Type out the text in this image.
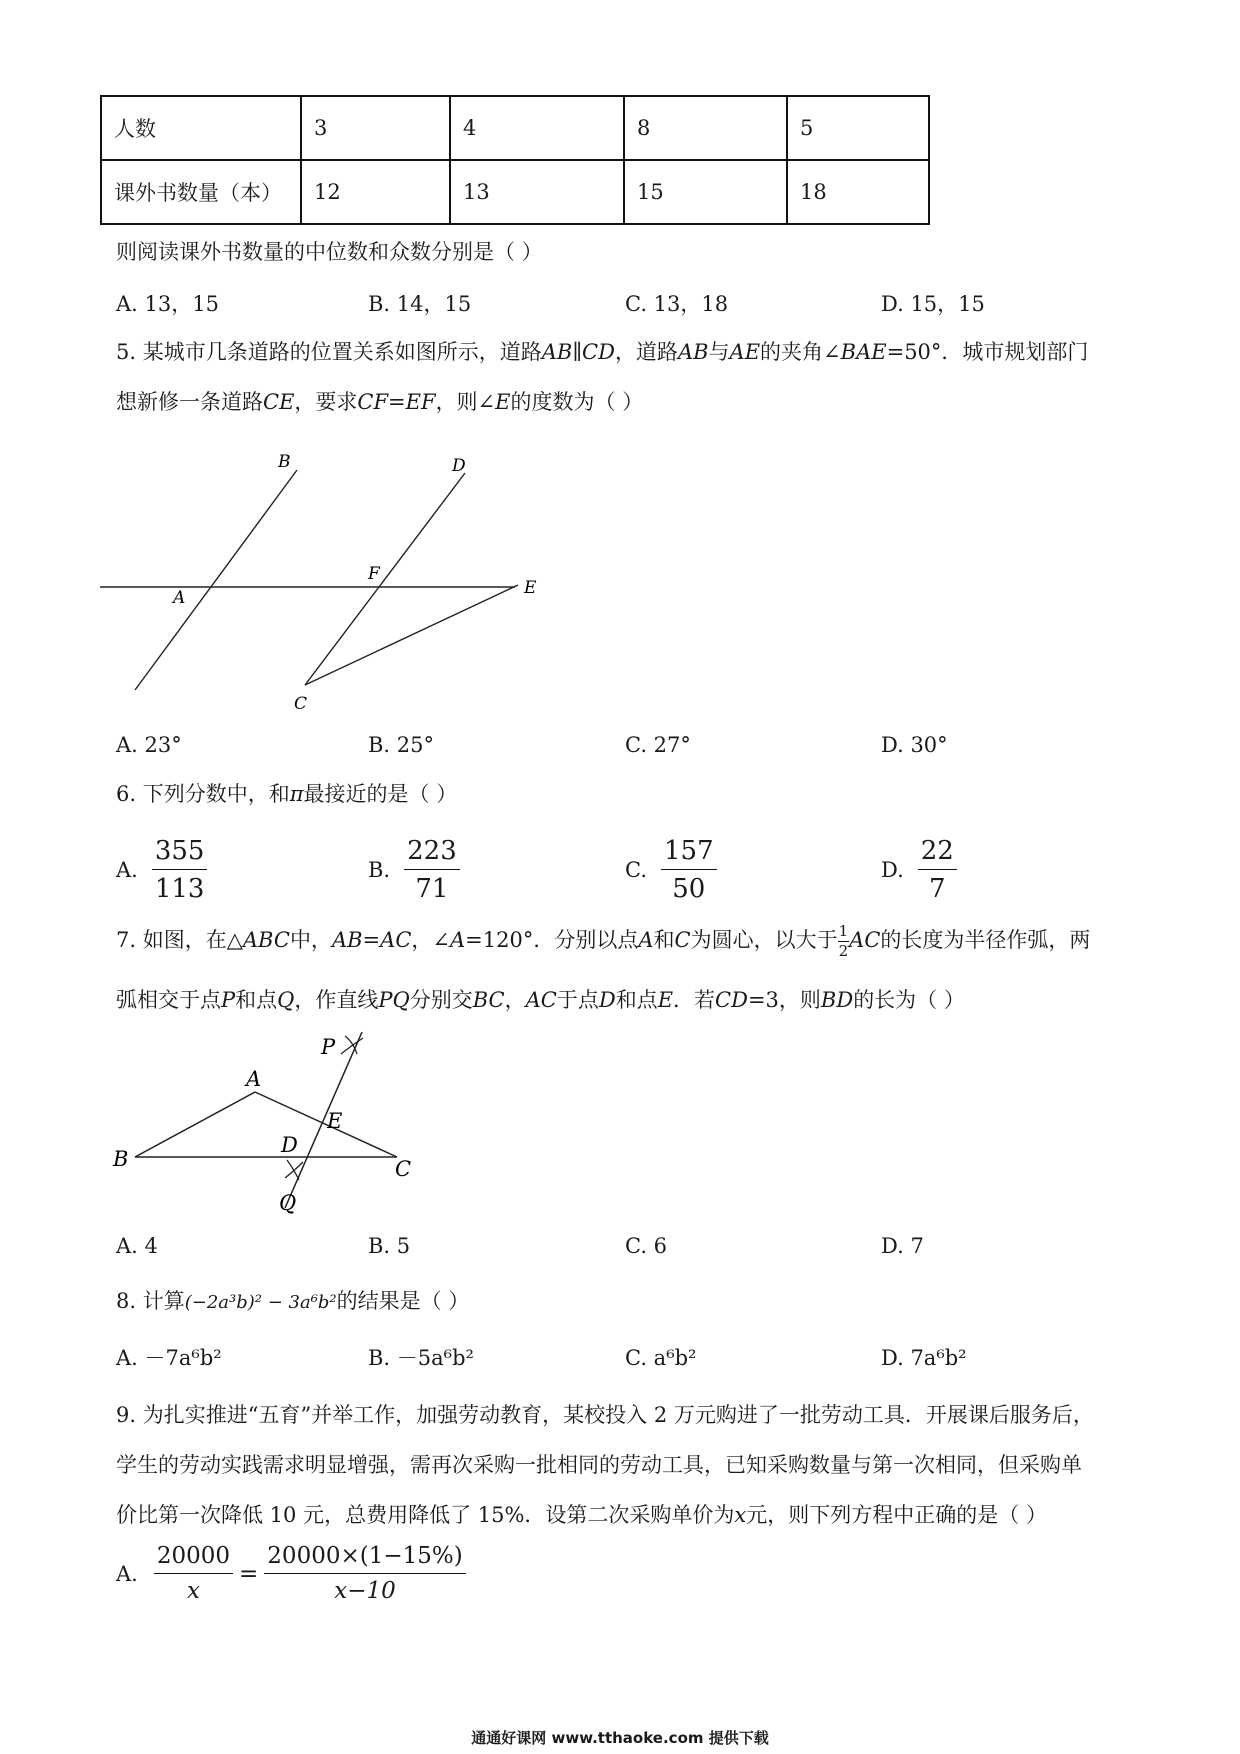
人数	3	4	8	5
课外书数量（本）	12	13	15	18
则阅读课外书数量的中位数和众数分别是（ ）
A. 13，15	B. 14，15	C. 13，18	D. 15，15
5. 某城市几条道路的位置关系如图所示，道路AB∥CD，道路AB与AE的夹角∠BAE=50°．城市规划部门
想新修一条道路CE，要求CF=EF，则∠E的度数为（ ）
B	D
F
A	E
C
A. 23°	B. 25°	C. 27°	D. 30°
6. 下列分数中，和π最接近的是（ ）
A. $\frac{355}{113}$	B. $\frac{223}{71}$	C. $\frac{157}{50}$	D. $\frac{22}{7}$
7. 如图，在△ABC中，AB=AC，∠A=120°．分别以点A和C为圆心，以大于 $\frac{1}{2}$ AC的长度为半径作弧，两
弧相交于点P和点Q，作直线PQ分别交BC，AC于点D和点E．若CD=3，则BD的长为（ ）
P
A
E
D
B	C
Q
A. 4	B. 5	C. 6	D. 7
8. 计算(−2a³b)² − 3a⁶b²的结果是（ ）
A. －7a⁶b²	B. －5a⁶b²	C. a⁶b²	D. 7a⁶b²
9. 为扎实推进“五育”并举工作，加强劳动教育，某校投入 2 万元购进了一批劳动工具．开展课后服务后，
学生的劳动实践需求明显增强，需再次采购一批相同的劳动工具，已知采购数量与第一次相同，但采购单
价比第一次降低 10 元，总费用降低了 15%．设第二次采购单价为x元，则下列方程中正确的是（ ）
A. $\frac{20000}{x} = \frac{20000\times(1-15\%)}{x-10}$
通通好课网 www.tthaoke.com 提供下载
